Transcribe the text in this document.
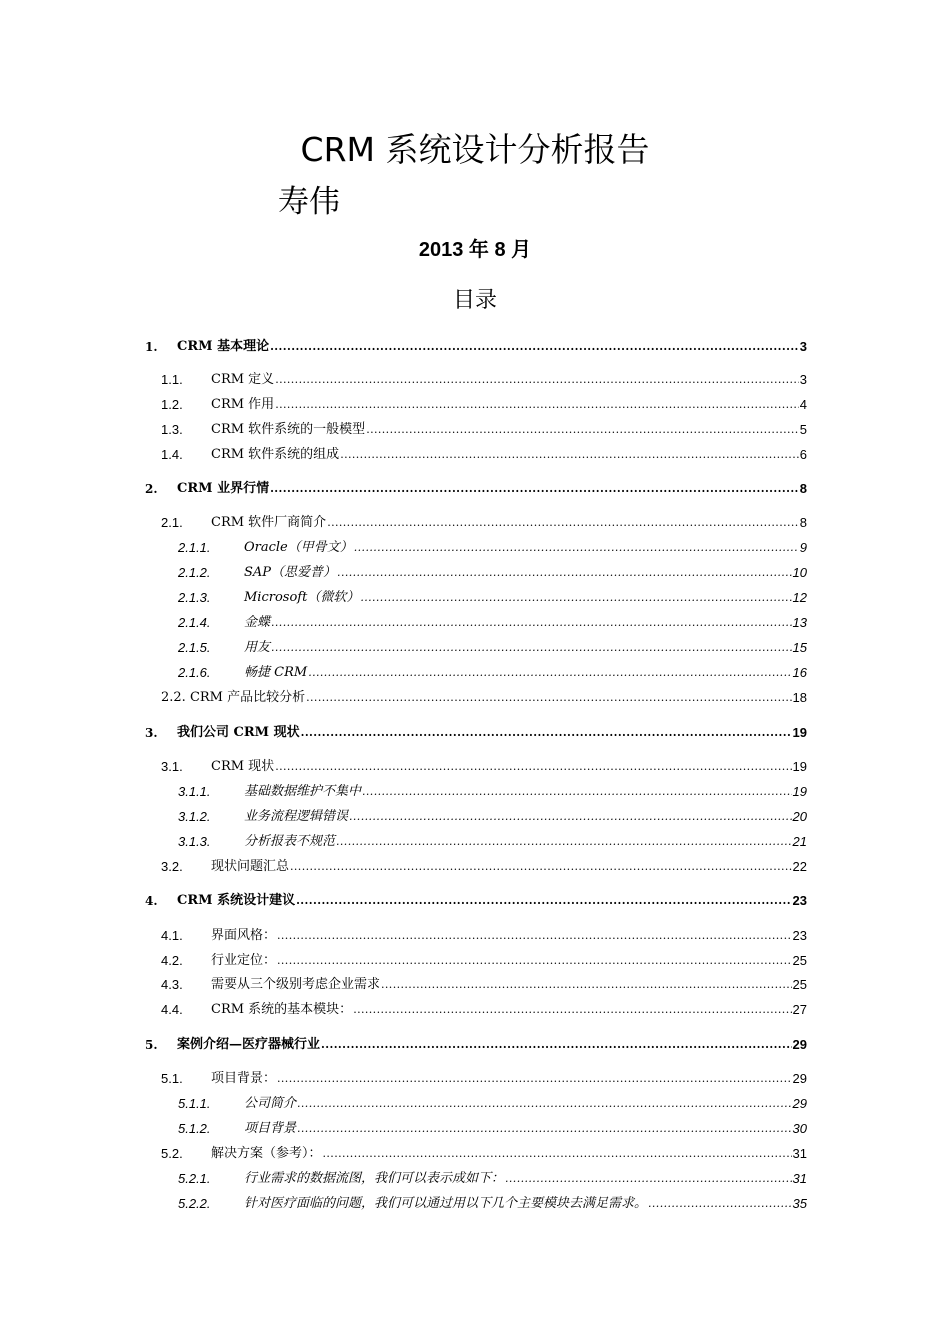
CRM 系统设计分析报告
寿伟
2013 年 8 月
目录
1.	CRM 基本理论 .....	3
1.1.	CRM 定义 .....	3
1.2.	CRM 作用 .....	4
1.3.	CRM 软件系统的一般模型 .....	5
1.4.	CRM 软件系统的组成 .....	6
2.	CRM 业界行情 .....	8
2.1.	CRM 软件厂商简介 .....	8
2.1.1.	Oracle（甲骨文） .....	9
2.1.2.	SAP（思爱普） .....	10
2.1.3.	Microsoft（微软） .....	12
2.1.4.	金蝶 .....	13
2.1.5.	用友 .....	15
2.1.6.	畅捷 CRM .....	16
2.2. CRM 产品比较分析 .....	18
3.	我们公司 CRM 现状 .....	19
3.1.	CRM 现状 .....	19
3.1.1.	基础数据维护不集中 .....	19
3.1.2.	业务流程逻辑错误 .....	20
3.1.3.	分析报表不规范 .....	21
3.2.	现状问题汇总 .....	22
4.	CRM 系统设计建议 .....	23
4.1.	界面风格： .....	23
4.2.	行业定位： .....	25
4.3.	需要从三个级别考虑企业需求 .....	25
4.4.	CRM 系统的基本模块： .....	27
5.	案例介绍—医疗器械行业 .....	29
5.1.	项目背景： .....	29
5.1.1.	公司简介 .....	29
5.1.2.	项目背景 .....	30
5.2.	解决方案（参考）： .....	31
5.2.1.	行业需求的数据流图，我们可以表示成如下： .....	31
5.2.2.	针对医疗面临的问题，我们可以通过用以下几个主要模块去满足需求。 .....	35
